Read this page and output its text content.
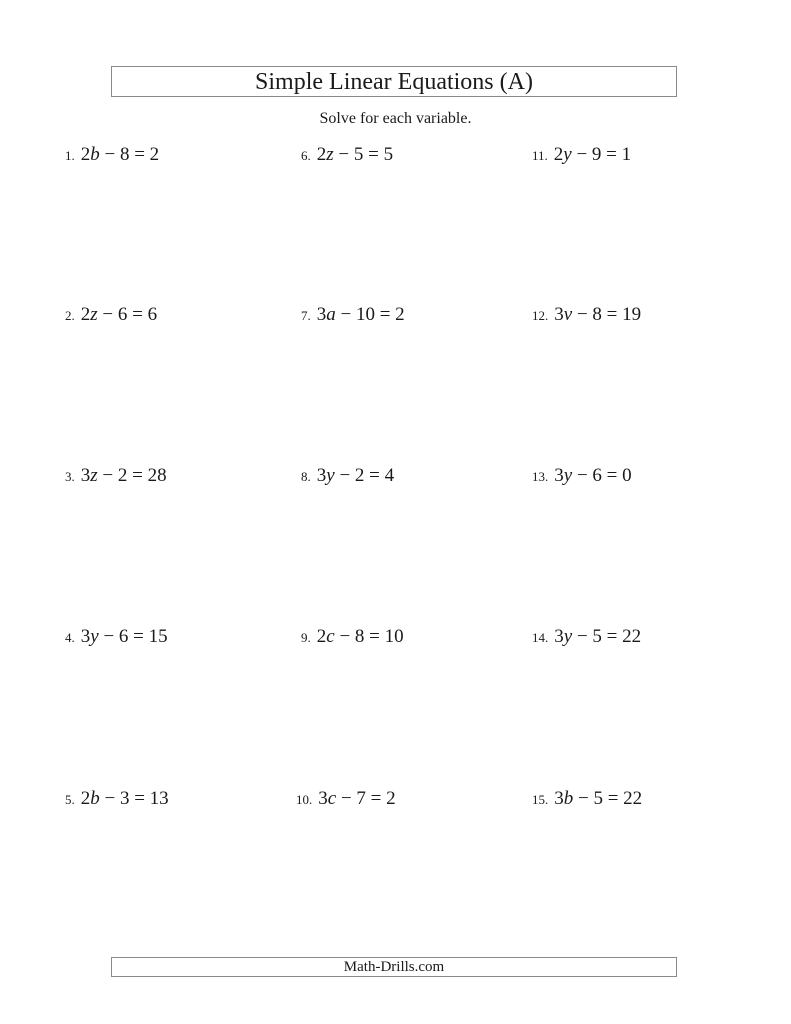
Simple Linear Equations (A)
Solve for each variable.
1. 2b − 8 = 2
2. 2z − 6 = 6
3. 3z − 2 = 28
4. 3y − 6 = 15
5. 2b − 3 = 13
6. 2z − 5 = 5
7. 3a − 10 = 2
8. 3y − 2 = 4
9. 2c − 8 = 10
10. 3c − 7 = 2
11. 2y − 9 = 1
12. 3v − 8 = 19
13. 3y − 6 = 0
14. 3y − 5 = 22
15. 3b − 5 = 22
Math-Drills.com
